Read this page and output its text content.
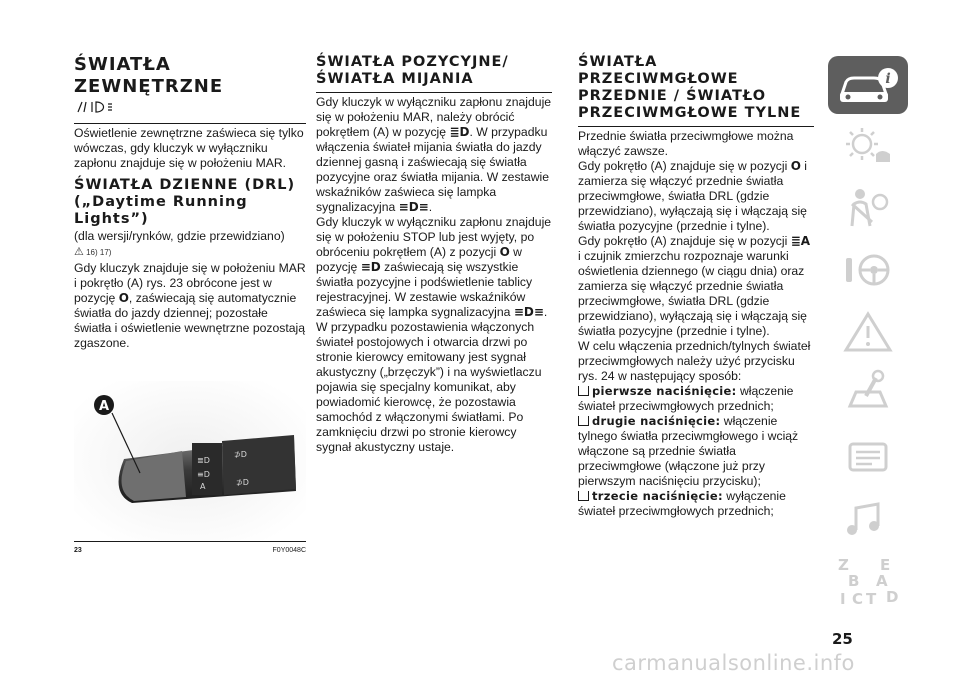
ŚWIATŁA ZEWNĘTRZNE

Oświetlenie zewnętrzne zaświeca się tylko wówczas, gdy kluczyk w wyłączniku zapłonu znajduje się w położeniu MAR.

ŚWIATŁA DZIENNE (DRL) („Daytime Running Lights”)

(dla wersji/rynków, gdzie przewidziano)

⚠ 16) 17)

Gdy kluczyk znajduje się w położeniu MAR i pokrętło (A) rys. 23 obrócone jest w pozycję O, zaświecają się automatycznie światła do jazdy dziennej; pozostałe światła i oświetlenie wewnętrzne pozostają zgaszone.

≣D
≡D
A
⊅D
⊅D
A
23	F0Y0048C
ŚWIATŁA POZYCYJNE/ŚWIATŁA MIJANIA

Gdy kluczyk w wyłączniku zapłonu znajduje się w położeniu MAR, należy obrócić pokrętłem (A) w pozycję ≣D. W przypadku włączenia świateł mijania światła do jazdy dziennej gasną i zaświecają się światła pozycyjne oraz światła mijania. W zestawie wskaźników zaświeca się lampka sygnalizacyjna ≡D≡.

Gdy kluczyk w wyłączniku zapłonu znajduje się w położeniu STOP lub jest wyjęty, po obróceniu pokrętłem (A) z pozycji O w pozycję ≡D zaświecają się wszystkie światła pozycyjne i podświetlenie tablicy rejestracyjnej. W zestawie wskaźników zaświeca się lampka sygnalizacyjna ≡D≡.

W przypadku pozostawienia włączonych świateł postojowych i otwarcia drzwi po stronie kierowcy emitowany jest sygnał akustyczny („brzęczyk”) i na wyświetlaczu pojawia się specjalny komunikat, aby powiadomić kierowcę, że pozostawia samochód z włączonymi światłami. Po zamknięciu drzwi po stronie kierowcy sygnał akustyczny ustaje.

ŚWIATŁA PRZECIWMGŁOWE PRZEDNIE / ŚWIATŁO PRZECIWMGŁOWE TYLNE

Przednie światła przeciwmgłowe można włączyć zawsze.

Gdy pokrętło (A) znajduje się w pozycji O i zamierza się włączyć przednie światła przeciwmgłowe, światła DRL (gdzie przewidziano), wyłączają się i włączają się światła pozycyjne (przednie i tylne).

Gdy pokrętło (A) znajduje się w pozycji ≣A i czujnik zmierzchu rozpoznaje warunki oświetlenia dziennego (w ciągu dnia) oraz zamierza się włączyć przednie światła przeciwmgłowe, światła DRL (gdzie przewidziano), wyłączają się i włączają się światła pozycyjne (przednie i tylne).

W celu włączenia przednich/tylnych świateł przeciwmgłowych należy użyć przycisku rys. 24 w następujący sposób:

pierwsze naciśnięcie: włączenie świateł przeciwmgłowych przednich;

drugie naciśnięcie: włączenie tylnego światła przeciwmgłowego i wciąż włączone są przednie światła przeciwmgłowe (włączone już przy pierwszym naciśnięciu przycisku);

trzecie naciśnięcie: wyłączenie świateł przeciwmgłowych przednich;

i
Z E
B A
I C T D
25
carmanualsonline.info
